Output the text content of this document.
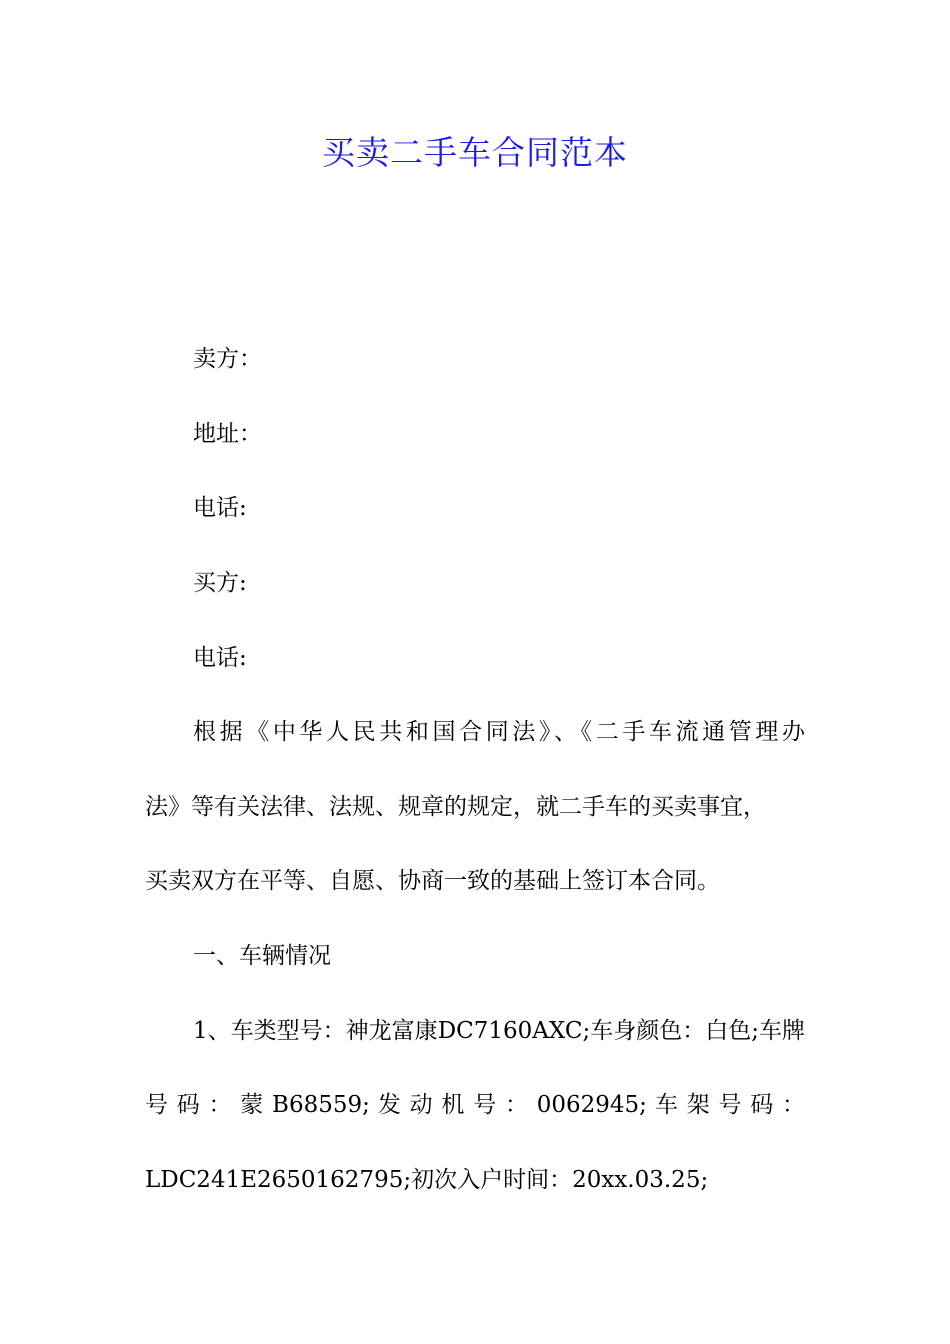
买卖二手车合同范本
卖方：
地址：
电话:
买方:
电话:
根据《中华人民共和国合同法》、《二手车流通管理办
法》等有关法律、法规、规章的规定，就二手车的买卖事宜，
买卖双方在平等、自愿、协商一致的基础上签订本合同。
一、车辆情况
1、车类型号：神龙富康DC7160AXC;车身颜色：白色;车牌
号 码 ： 蒙 B68559; 发 动 机 号 ： 0062945; 车 架 号 码 ：
LDC241E2650162795;初次入户时间：20xx.03.25;
